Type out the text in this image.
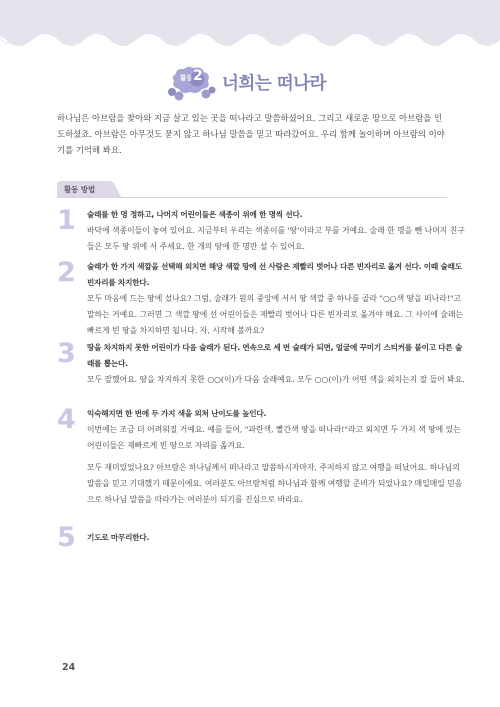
활동 2 너희는 떠나라
하나님은 아브람을 찾아와 지금 살고 있는 곳을 떠나라고 말씀하셨어요. 그리고 새로운 땅으로 아브람을 인도하셨죠. 아브람은 아무것도 묻지 않고 하나님 말씀을 믿고 따라갔어요. 우리 함께 놀이하며 아브람의 이야기를 기억해 봐요.
활동 방법
1 술래를 한 명 정하고, 나머지 어린이들은 색종이 위에 한 명씩 선다.

바닥에 색종이들이 놓여 있어요. 지금부터 우리는 색종이를 '땅'이라고 부를 거예요. 술래 한 명을 뺀 나머지 친구들은 모두 땅 위에 서 주세요. 한 개의 땅에 한 명만 설 수 있어요.

2 술래가 한 가지 색깔을 선택해 외치면 해당 색깔 땅에 선 사람은 재빨리 벗어나 다른 빈자리로 옮겨 선다. 이때 술래도 빈자리를 차지한다.

모두 마음에 드는 땅에 섰나요? 그럼, 술래가 원의 중앙에 서서 땅 색깔 중 하나를 골라 "○○색 땅을 떠나라!"고 말하는 거예요. 그러면 그 색깔 땅에 선 어린이들은 재빨리 벗어나 다른 빈자리로 옮겨야 해요. 그 사이에 술래는 빠르게 빈 땅을 차지하면 됩니다. 자, 시작해 볼까요?

3 땅을 차지하지 못한 어린이가 다음 술래가 된다. 연속으로 세 번 술래가 되면, 얼굴에 꾸미기 스티커를 붙이고 다른 술래를 뽑는다.

모두 잘했어요. 땅을 차지하지 못한 ○○(이)가 다음 술래예요. 모두 ○○(이)가 어떤 색을 외치는지 잘 들어 봐요.

4 익숙해지면 한 번에 두 가지 색을 외쳐 난이도를 높인다.

이번에는 조금 더 어려워질 거예요. 예를 들어, "파란색, 빨간색 땅을 떠나라!"라고 외치면 두 가지 색 땅에 있는 어린이들은 재빠르게 빈 땅으로 자리를 옮겨요.

모두 재미있었나요? 아브람은 하나님께서 떠나라고 말씀하시자마자, 주저하지 않고 여행을 떠났어요. 하나님의 말씀을 믿고 기대했기 때문이에요. 여러분도 아브람처럼 하나님과 함께 여행할 준비가 되었나요? 매일매일 믿음으로 하나님 말씀을 따라가는 여러분이 되기를 진심으로 바라요.

5 기도로 마무리한다.
24
